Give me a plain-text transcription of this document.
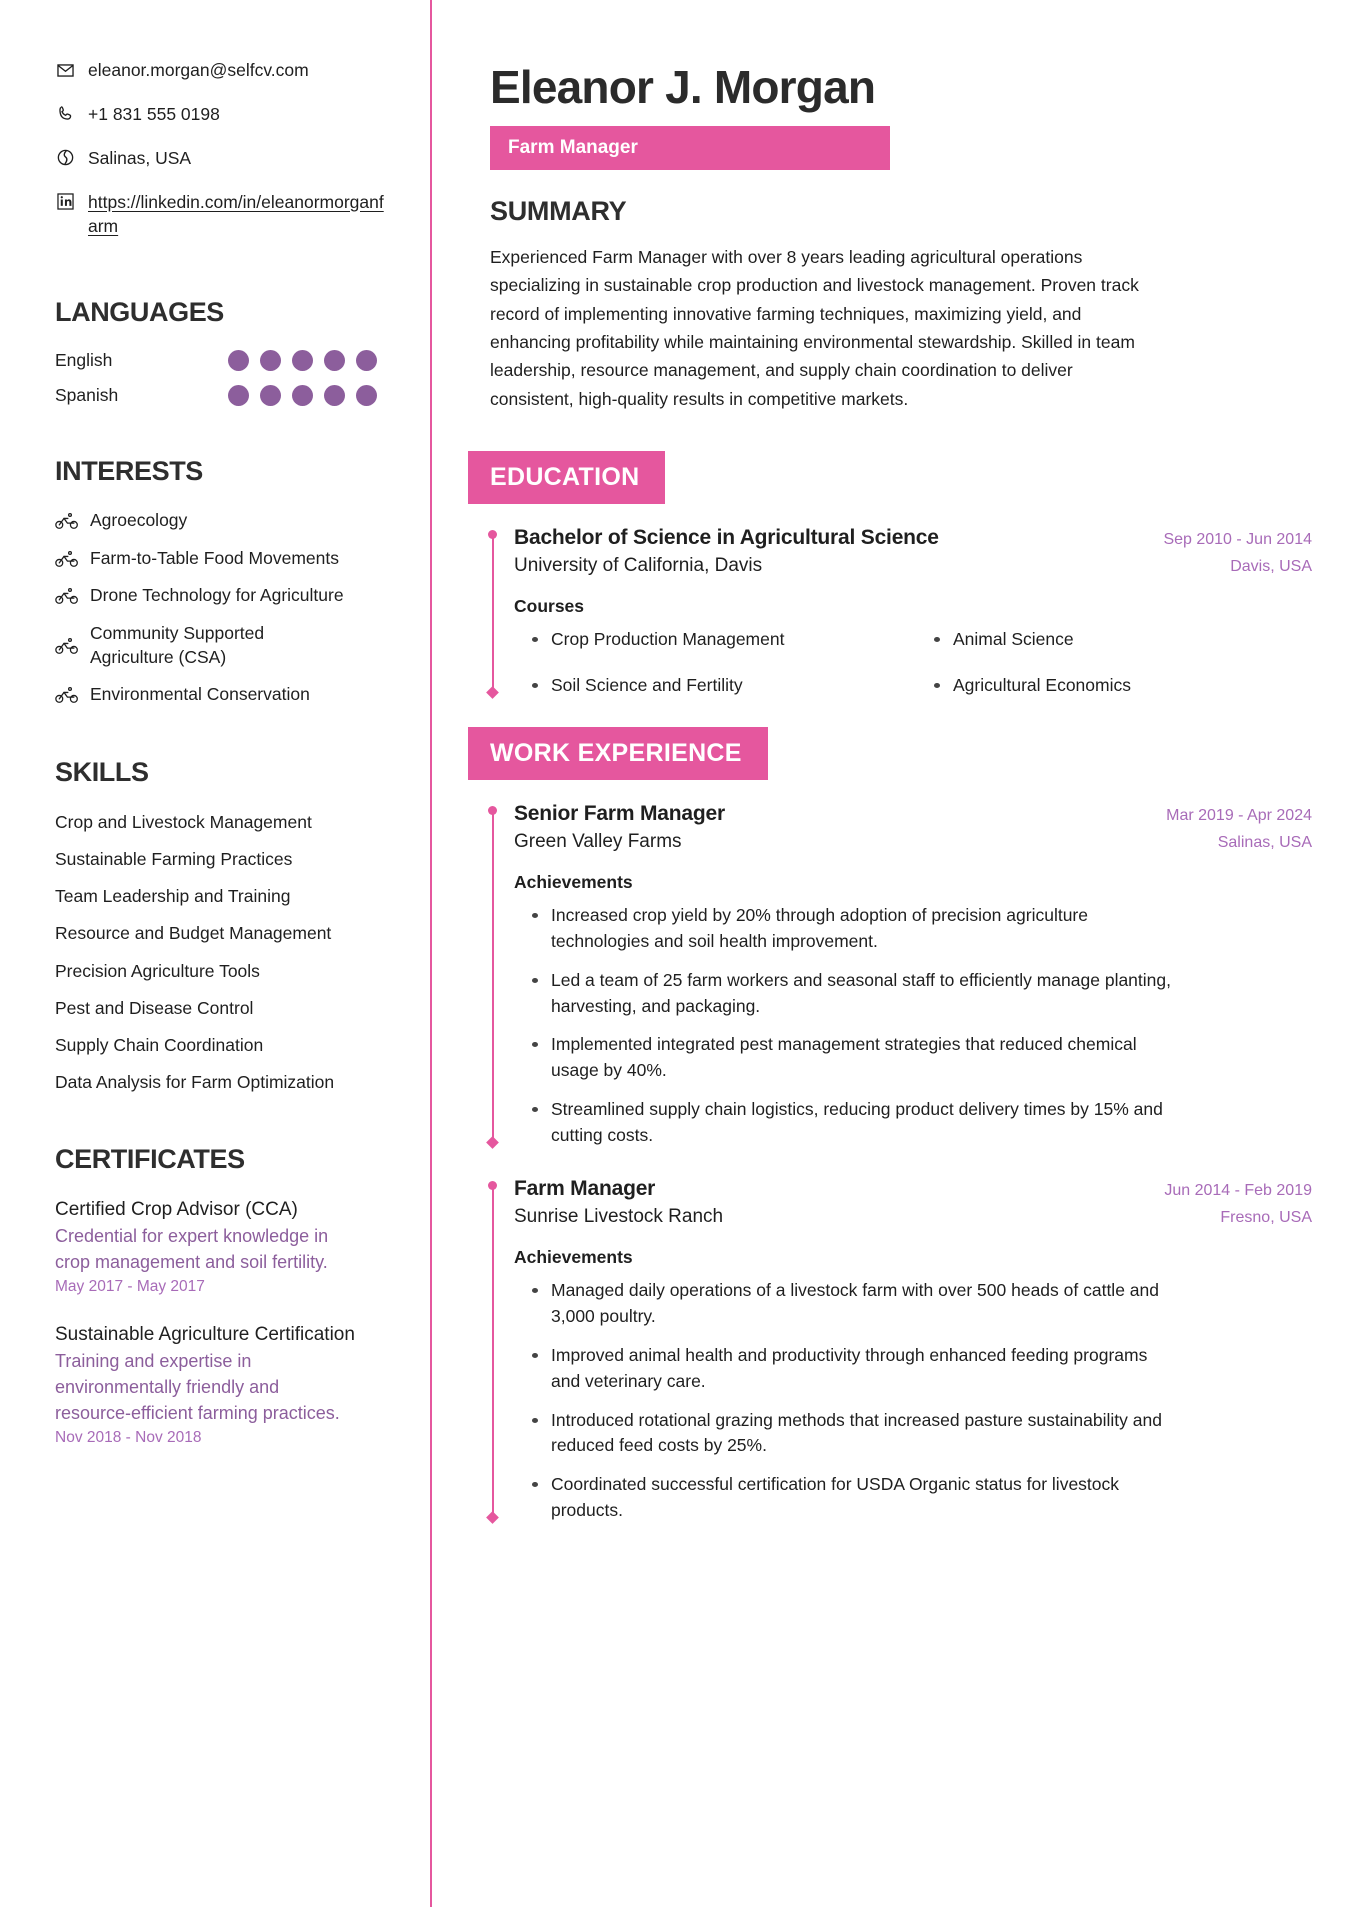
eleanor.morgan@selfcv.com
+1 831 555 0198
Salinas, USA
https://linkedin.com/in/eleanormorganfarm
LANGUAGES
English
Spanish
INTERESTS
Agroecology
Farm-to-Table Food Movements
Drone Technology for Agriculture
Community Supported Agriculture (CSA)
Environmental Conservation
SKILLS
Crop and Livestock Management
Sustainable Farming Practices
Team Leadership and Training
Resource and Budget Management
Precision Agriculture Tools
Pest and Disease Control
Supply Chain Coordination
Data Analysis for Farm Optimization
CERTIFICATES
Certified Crop Advisor (CCA)
Credential for expert knowledge in crop management and soil fertility.
May 2017 - May 2017
Sustainable Agriculture Certification
Training and expertise in environmentally friendly and resource-efficient farming practices.
Nov 2018 - Nov 2018
Eleanor J. Morgan
Farm Manager
SUMMARY

Experienced Farm Manager with over 8 years leading agricultural operations specializing in sustainable crop production and livestock management. Proven track record of implementing innovative farming techniques, maximizing yield, and enhancing profitability while maintaining environmental stewardship. Skilled in team leadership, resource management, and supply chain coordination to deliver consistent, high-quality results in competitive markets.

EDUCATION
Bachelor of Science in Agricultural Science	Sep 2010 - Jun 2014
University of California, Davis	Davis, USA
Courses
Crop Production Management	Animal Science
Soil Science and Fertility	Agricultural Economics
WORK EXPERIENCE
Senior Farm Manager	Mar 2019 - Apr 2024
Green Valley Farms	Salinas, USA
Achievements
Increased crop yield by 20% through adoption of precision agriculture technologies and soil health improvement.
Led a team of 25 farm workers and seasonal staff to efficiently manage planting, harvesting, and packaging.
Implemented integrated pest management strategies that reduced chemical usage by 40%.
Streamlined supply chain logistics, reducing product delivery times by 15% and cutting costs.
Farm Manager	Jun 2014 - Feb 2019
Sunrise Livestock Ranch	Fresno, USA
Achievements
Managed daily operations of a livestock farm with over 500 heads of cattle and 3,000 poultry.
Improved animal health and productivity through enhanced feeding programs and veterinary care.
Introduced rotational grazing methods that increased pasture sustainability and reduced feed costs by 25%.
Coordinated successful certification for USDA Organic status for livestock products.
